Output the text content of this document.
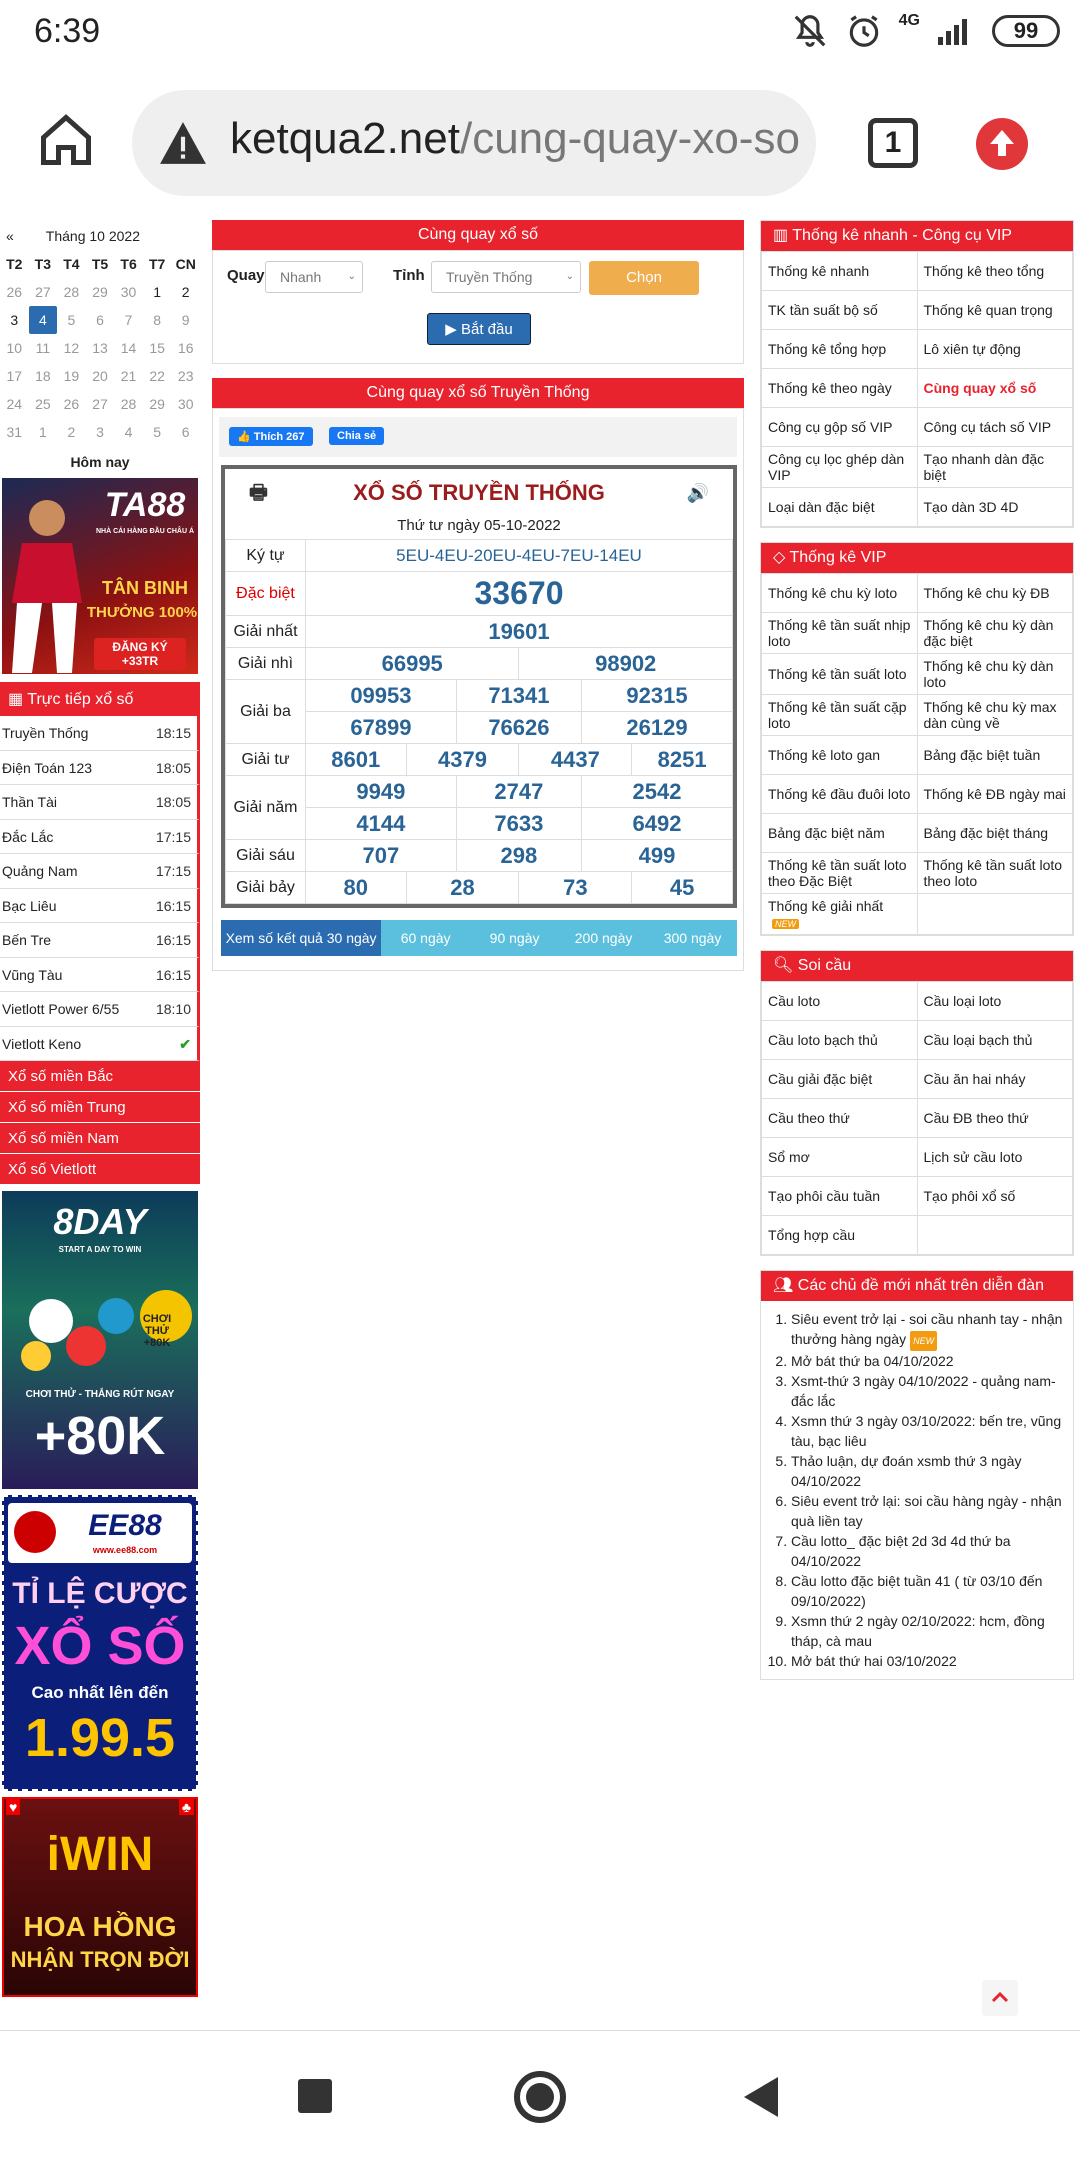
6:39	4G	99
ketqua2.net/cung-quay-xo-so	1
« Tháng 10 2022
T2 T3 T4 T5 T6 T7 CN
26 27 28 29 30	1	2
3	4	5	6	7	8	9
10 11 12 13 14 15 16
17 18 19 20 21 22 23
24 25 26 27 28 29 30
31	1	2	3	4	5	6
Hôm nay
TA88
NHÀ CÁI HÀNG ĐẦU CHÂU Á
TÂN BINH
THƯỞNG 100%
ĐĂNG KÝ +33TR
▦ Trực tiếp xổ số
Truyền Thống	18:15
Điện Toán 123	18:05
Thần Tài	18:05
Đắc Lắc	17:15
Quảng Nam	17:15
Bạc Liêu	16:15
Bến Tre	16:15
Vũng Tàu	16:15
Vietlott Power 6/55	18:10
Vietlott Keno	✔
Xổ số miền Bắc
Xổ số miền Trung
Xổ số miền Nam
Xổ số Vietlott
8DAY
START A DAY TO WIN
CHƠI THỬ +80K
CHƠI THỬ - THẮNG RÚT NGAY
+80K
EE88
www.ee88.com
TỈ LỆ CƯỢC
XỔ SỐ
Cao nhất lên đến
1.99.5
♥	♣
iWIN
HOA HỒNG
NHẬN TRỌN ĐỜI
Cùng quay xổ số
Quay	Nhanh	⌄ Tỉnh	Truyền Thống	⌄	Chọn
▶ Bắt đầu
Cùng quay xổ số Truyền Thống
👍 Thích 267	Chia sẻ
🖶	XỔ SỐ TRUYỀN THỐNG	🔊
Thứ tư ngày 05-10-2022
Ký tự	5EU-4EU-20EU-4EU-7EU-14EU					
Đặc biệt	33670					
Giải nhất	19601					
Giải nhì	66995			98902		
Giải ba	09953		71341		92315	
	67899		76626		26129	
Giải tư	8601	4379		4437		8251
Giải năm	9949		2747		2542	
	4144		7633		6492	
Giải sáu	707		298		499	
Giải bảy	80	28		73		45
Xem số kết quả 30 ngày	60 ngày	90 ngày	200 ngày	300 ngày
▥ Thống kê nhanh - Công cụ VIP
Thống kê nhanh	Thống kê theo tổng
TK tần suất bộ số	Thống kê quan trọng
Thống kê tổng hợp	Lô xiên tự động
Thống kê theo ngày	Cùng quay xổ số
Công cụ gộp số VIP	Công cụ tách số VIP
Công cụ lọc ghép dàn VIP	Tạo nhanh dàn đặc biệt
Loại dàn đặc biệt	Tạo dàn 3D 4D
◇ Thống kê VIP
Thống kê chu kỳ loto	Thống kê chu kỳ ĐB
Thống kê tần suất nhịp loto	Thống kê chu kỳ dàn đặc biệt
Thống kê tần suất loto	Thống kê chu kỳ dàn loto
Thống kê tần suất cặp loto	Thống kê chu kỳ max dàn cùng về
Thống kê loto gan	Bảng đặc biệt tuần
Thống kê đầu đuôi loto	Thống kê ĐB ngày mai
Bảng đặc biệt năm	Bảng đặc biệt tháng
Thống kê tần suất loto theo Đặc Biệt	Thống kê tần suất loto theo loto
Thống kê giải nhấtNEW	
🔍︎ Soi cầu
Cầu loto	Cầu loại loto
Cầu loto bạch thủ	Cầu loại bạch thủ
Cầu giải đặc biệt	Cầu ăn hai nháy
Cầu theo thứ	Cầu ĐB theo thứ
Sổ mơ	Lịch sử cầu loto
Tạo phôi cầu tuần	Tạo phôi xổ số
Tổng hợp cầu	
👥︎ Các chủ đề mới nhất trên diễn đàn
1. Siêu event trở lại - soi cầu nhanh tay - nhận thưởng hàng ngày NEW
2. Mở bát thứ ba 04/10/2022
3. Xsmt-thứ 3 ngày 04/10/2022 - quảng nam-đắc lắc
4. Xsmn thứ 3 ngày 03/10/2022: bến tre, vũng tàu, bạc liêu
5. Thảo luận, dự đoán xsmb thứ 3 ngày 04/10/2022
6. Siêu event trở lại: soi cầu hàng ngày - nhận quà liền tay
7. Cầu lotto_ đặc biệt 2d 3d 4d thứ ba 04/10/2022
8. Cầu lotto đặc biệt tuần 41 ( từ 03/10 đến 09/10/2022)
9. Xsmn thứ 2 ngày 02/10/2022: hcm, đồng tháp, cà mau
10. Mở bát thứ hai 03/10/2022
